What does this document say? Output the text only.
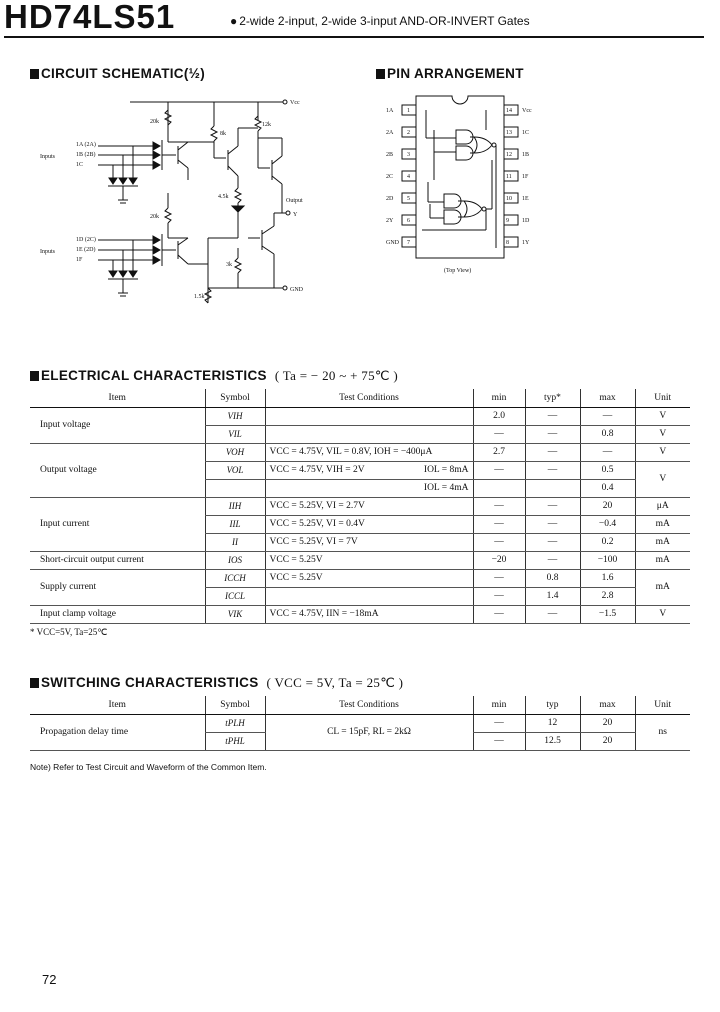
HD74LS51	● 2-wide 2-input, 2-wide 3-input AND-OR-INVERT Gates
CIRCUIT SCHEMATIC(½)
Vcc
Output
Y
GND
Inputs
Inputs
1A (2A)
1B (2B)
1C
1D (2C)
1E (2D)
1F
20k
8k
12k
4.5k
3k
20k
1.5k
PIN ARRANGEMENT
1
1A
2
2A
3
2B
4
2C
5
2D
6
2Y
7
GND
14 Vcc
13 1C
12 1B
11 1F
10 1E
9 1D
8 1Y
(Top View)
ELECTRICAL CHARACTERISTICS ( Ta = − 20 ~ + 75℃ )
Item	Symbol	Test Conditions	min	typ*	max	Unit
Input voltage	VIH		2.0	—	—	V
	VIL		—	—	0.8	V
Output voltage	VOH	VCC = 4.75V, VIL = 0.8V, IOH = −400μA	2.7	—	—	V
	VOL	VCC = 4.75V, VIH = 2V IOL = 8mA	—	—	0.5	V

		IOL = 4mA			0.4	
Input current	IIH	VCC = 5.25V, VI = 2.7V	—	—	20	μA
	IIL	VCC = 5.25V, VI = 0.4V	—	—	−0.4	mA
	II	VCC = 5.25V, VI = 7V	—	—	0.2	mA
Short-circuit output current	IOS	VCC = 5.25V	−20	—	−100	mA
Supply current	ICCH	VCC = 5.25V	—	0.8	1.6	mA
	ICCL		—	1.4	2.8	
Input clamp voltage	VIK	VCC = 4.75V, IIN = −18mA	—	—	−1.5	V
* VCC=5V, Ta=25℃
SWITCHING CHARACTERISTICS ( VCC = 5V, Ta = 25℃ )
Item	Symbol	Test Conditions	min	typ	max	Unit
Propagation delay time	tPLH	CL = 15pF, RL = 2kΩ	—	12	20	ns
	tPHL		—	12.5	20	
Note) Refer to Test Circuit and Waveform of the Common Item.
72
